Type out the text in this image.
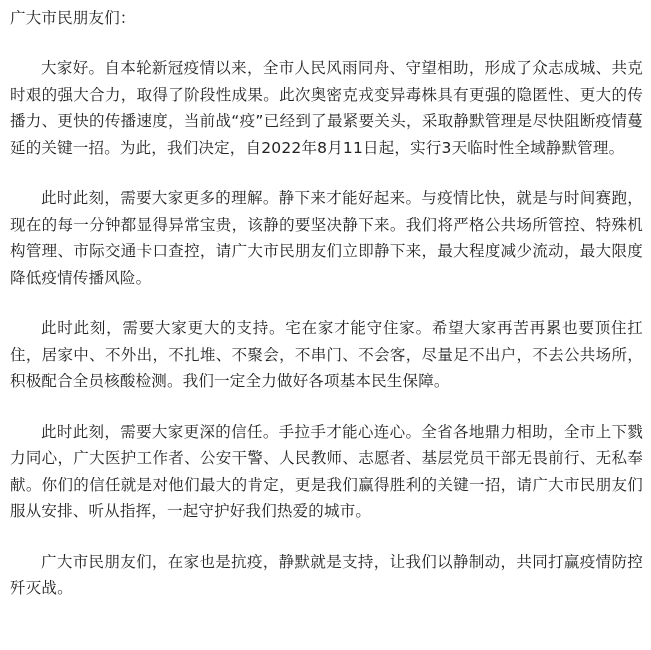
广大市民朋友们：

大家好。自本轮新冠疫情以来，全市人民风雨同舟、守望相助，形成了众志成城、共克时艰的强大合力，取得了阶段性成果。此次奥密克戎变异毒株具有更强的隐匿性、更大的传播力、更快的传播速度，当前战“疫”已经到了最紧要关头，采取静默管理是尽快阻断疫情蔓延的关键一招。为此，我们决定，自2022年8月11日起，实行3天临时性全域静默管理。

此时此刻，需要大家更多的理解。静下来才能好起来。与疫情比快，就是与时间赛跑，现在的每一分钟都显得异常宝贵，该静的要坚决静下来。我们将严格公共场所管控、特殊机构管理、市际交通卡口查控，请广大市民朋友们立即静下来，最大程度减少流动，最大限度降低疫情传播风险。

此时此刻，需要大家更大的支持。宅在家才能守住家。希望大家再苦再累也要顶住扛住，居家中、不外出，不扎堆、不聚会，不串门、不会客，尽量足不出户，不去公共场所，积极配合全员核酸检测。我们一定全力做好各项基本民生保障。

此时此刻，需要大家更深的信任。手拉手才能心连心。全省各地鼎力相助，全市上下戮力同心，广大医护工作者、公安干警、人民教师、志愿者、基层党员干部无畏前行、无私奉献。你们的信任就是对他们最大的肯定，更是我们赢得胜利的关键一招，请广大市民朋友们服从安排、听从指挥，一起守护好我们热爱的城市。

广大市民朋友们，在家也是抗疫，静默就是支持，让我们以静制动，共同打赢疫情防控歼灭战。
